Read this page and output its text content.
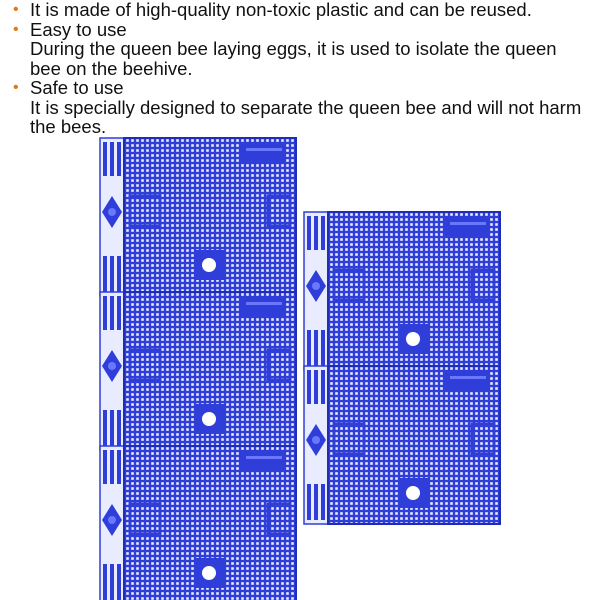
• It is made of high-quality non-toxic plastic and can be reused.
• Easy to use
During the queen bee laying eggs, it is used to isolate the queen bee on the beehive.
• Safe to use
It is specially designed to separate the queen bee and will not harm the bees.
